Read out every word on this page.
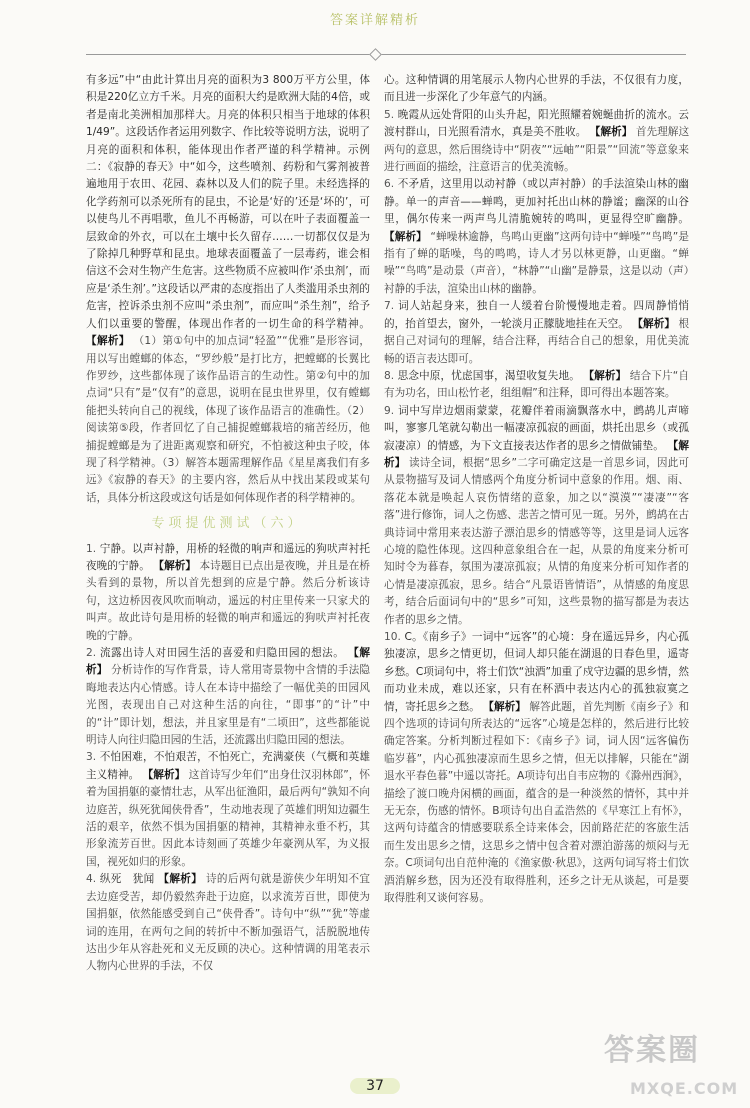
答案详解精析

有多远”中“由此计算出月亮的面积为3 800万平方公里，体积是220亿立方千米。月亮的面积大约是欧洲大陆的4倍，或者是南北美洲相加那样大。月亮的体积只相当于地球的体积1/49”。这段话作者运用列数字、作比较等说明方法，说明了月亮的面积和体积，能体现出作者严谨的科学精神。示例二：《寂静的春天》中“如今，这些喷剂、药粉和气雾剂被普遍地用于农田、花园、森林以及人们的院子里。未经选择的化学药剂可以杀死所有的昆虫，不论是‘好的’还是‘坏的’，可以使鸟儿不再唱歌，鱼儿不再畅游，可以在叶子表面覆盖一层致命的外衣，可以在土壤中长久留存……一切都仅仅是为了除掉几种野草和昆虫。地球表面覆盖了一层毒药，谁会相信这不会对生物产生危害。这些物质不应被叫作‘杀虫剂’，而应是‘杀生剂’。”这段话以严肃的态度指出了人类滥用杀虫剂的危害，控诉杀虫剂不应叫“杀虫剂”，而应叫“杀生剂”，给予人们以重要的警醒，体现出作者的一切生命的科学精神。 【解析】 （1）第①句中的加点词“轻盈”“优雅”是形容词，用以写出螳螂的体态，“罗纱般”是打比方，把螳螂的长翼比作罗纱，这些都体现了该作品语言的生动性。第②句中的加点词“只有”是“仅有”的意思，说明在昆虫世界里，仅有螳螂能把头转向自己的视线，体现了该作品语言的准确性。（2）阅读第⑤段，作者回忆了自己捕捉螳螂栽培的痛苦经历，他捕捉螳螂是为了进距离观察和研究，不怕被这种虫子咬，体现了科学精神。（3）解答本题需理解作品《星星离我们有多远》《寂静的春天》的主要内容，然后从中找出某段或某句话，具体分析这段或这句话是如何体现作者的科学精神的。

专项提优测试（六）

1. 宁静。以声衬静，用桥的轻微的响声和遥远的狗吠声衬托夜晚的宁静。 【解析】 本诗题目已点出是夜晚，并且是在桥头看到的景物，所以首先想到的应是宁静。然后分析该诗句，这边桥因夜风吹而响动，遥远的村庄里传来一只家犬的叫声。故此诗句是用桥的轻微的响声和遥远的狗吠声衬托夜晚的宁静。

2. 流露出诗人对田园生活的喜爱和归隐田园的想法。 【解析】 分析诗作的写作背景，诗人常用寄景物中含情的手法隐晦地表达内心情感。诗人在本诗中描绘了一幅优美的田园风光图，表现出自己对这种生活的向往，“即事”的“计”中的“计”即计划，想法，并且家里是有“二顷田”，这些都能说明诗人向往归隐田园的生活，还流露出归隐田园的想法。

3. 不怕困难，不怕艰苦，不怕死亡，充满豪侠（气概和英雄主义精神。 【解析】 这首诗写少年们“出身仕汉羽林郎”，怀着为国捐躯的豪情壮志，从军出征渔阳，最后两句“孰知不向边庭苦，纵死犹闻侠骨香”，生动地表现了英雄们明知边疆生活的艰辛，依然不惧为国捐躯的精神，其精神永垂不朽，其形象流芳百世。因此本诗刻画了英雄少年豪洌从军，为义报国，视死如归的形象。

4. 纵死　犹闻 【解析】 诗的后两句就是游侠少年明知不宜去边庭受苦，却仍毅然奔赴于边庭，以求流芳百世，即使为国捐躯，依然能感受到自己“侠骨香”。诗句中“纵”“犹”等虚词的连用，在两句之间的转折中不断加强语气，活脱脱地传达出少年从容赴死和义无反顾的决心。这种情调的用笔表示人物内心世界的手法，不仅

心。这种情调的用笔展示人物内心世界的手法，不仅很有力度，而且进一步深化了少年意气的内涵。

5. 晚霞从远处背阳的山头升起，阳光照耀着婉蜒曲折的流水。云渡村群山，日光照看清水，真是美不胜收。 【解析】 首先理解这两句的意思，然后围绕诗中“阴夜”“远岫”“阳景”“回流”等意象来进行画面的描绘，注意语言的优美流畅。

6. 不矛盾，这里用以动衬静（或以声衬静）的手法渲染山林的幽静。单一的声音——蝉鸣，更加衬托出山林的静谧；幽深的山谷里，偶尔传来一两声鸟儿清脆婉转的鸣叫，更显得空旷幽静。 【解析】 “蝉噪林逾静，鸟鸣山更幽”这两句诗中“蝉噪”“鸟鸣”是指有了蝉的聒噪，鸟的鸣鸣，诗人才另以林更静，山更幽。“蝉噪”“鸟鸣”是动景（声音），“林静”“山幽”是静景，这是以动（声）衬静的手法，渲染出山林的幽静。

7. 词人站起身来，独自一人缓着台阶慢慢地走着。四周静悄悄的，抬首望去，窗外，一轮淡月正朦胧地挂在天空。 【解析】 根据自己对词句的理解，结合注释，再结合自己的想象，用优美流畅的语言表达即可。

8. 思念中原，忧虑国事，渴望收复失地。 【解析】 结合下片“自有为功名，田山松竹老，组组帽”和注释，即可得出本题答案。

9. 词中写岸边烟雨蒙蒙，花瓣伴着雨滴飘落水中，鹧鸪儿声啼叫，寥寥几笔就勾勒出一幅凄凉孤寂的画面，烘托出思乡（或孤寂凄凉）的情感，为下文直接表达作者的思乡之情做铺垫。 【解析】 读诗全词，根据“思乡”二字可确定这是一首思乡词，因此可从景物描写及词人情感两个角度分析词中意象的作用。烟、雨、落花本就是唤起人哀伤情绪的意象，加之以“漠漠”“凄凄”“客落”进行修饰，词人之伤感、悲苦之情可见一斑。另外，鹧鸪在古典诗词中常用来表达游子漂泊思乡的情感等等，这里是词人远客心境的隐性体现。这四种意象组合在一起，从景的角度来分析可知时令为暮春，氛围为凄凉孤寂；从情的角度来分析可知作者的心情是凄凉孤寂，思乡。结合“凡景语皆情语”，从情感的角度思考，结合后面词句中的“思乡”可知，这些景物的描写都是为表达作者的思乡之情。

10. C。《南乡子》一词中“远客”的心境：身在遥远异乡，内心孤独凄凉，思乡之情更切，但词人却只能在湖退的日春色里，遥寄乡愁。C项词句中，将士们饮“浊酒”加重了戍守边疆的思乡情，然而功业未成，难以还家，只有在杯酒中表达内心的孤独寂寞之情，寄托思乡之愁。 【解析】 解答此题，首先判断《南乡子》和四个选项的诗词句所表达的“远客”心境是怎样的，然后进行比较确定答案。分析判断过程如下：《南乡子》词，词人因“远客偏伤临岁暮”，内心孤独凄凉而生思乡之情，但无以排解，只能在“湖退水平春色暮”中遥以寄托。A项诗句出自韦应物的《滁州西涧》，描绘了渡口晚舟闲横的画面，蕴含的是一种淡然的情怀，其中并无无奈，伤感的情怀。B项诗句出自孟浩然的《早寒江上有怀》，这两句诗蕴含的情感要联系全诗来体会，因前路茫茫的客旅生活而生发出思乡之情，这思乡之情中包含着对漂泊游荡的烦闷与无奈。C项词句出自范仲淹的《渔家傲·秋思》，这两句词写将士们饮酒消解乡愁，因为还没有取得胜利，还乡之计无从谈起，可是要取得胜利又谈何容易。

37
答案圈
MXQE.COM
